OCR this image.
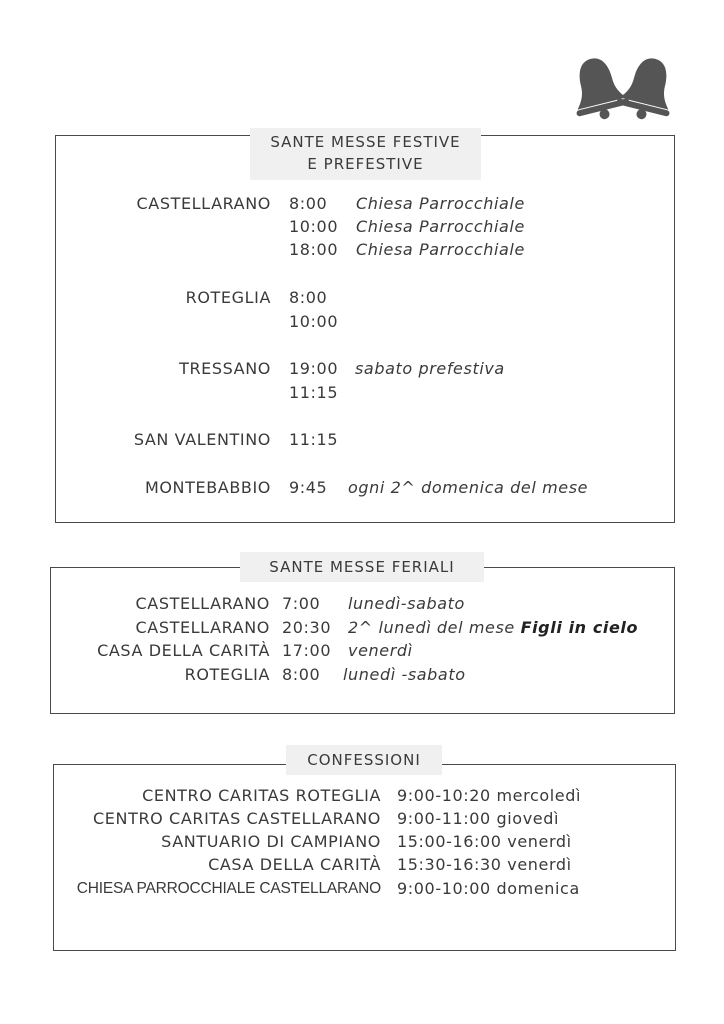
SANTE MESSE FESTIVE
E PREFESTIVE
CASTELLARANO 8:00 Chiesa Parrocchiale
10:00 Chiesa Parrocchiale
18:00 Chiesa Parrocchiale
ROTEGLIA 8:00
10:00
TRESSANO 19:00 sabato prefestiva
11:15
SAN VALENTINO 11:15
MONTEBABBIO 9:45 ogni 2^ domenica del mese
SANTE MESSE FERIALI
CASTELLARANO 7:00 lunedì-sabato
CASTELLARANO 20:30 2^ lunedì del mese Figli in cielo
CASA DELLA CARITÀ 17:00 venerdì
ROTEGLIA 8:00 lunedì -sabato
CONFESSIONI
CENTRO CARITAS ROTEGLIA 9:00-10:20 mercoledì
CENTRO CARITAS CASTELLARANO 9:00-11:00 giovedì
SANTUARIO DI CAMPIANO 15:00-16:00 venerdì
CASA DELLA CARITÀ 15:30-16:30 venerdì
CHIESA PARROCCHIALE CASTELLARANO 9:00-10:00 domenica
